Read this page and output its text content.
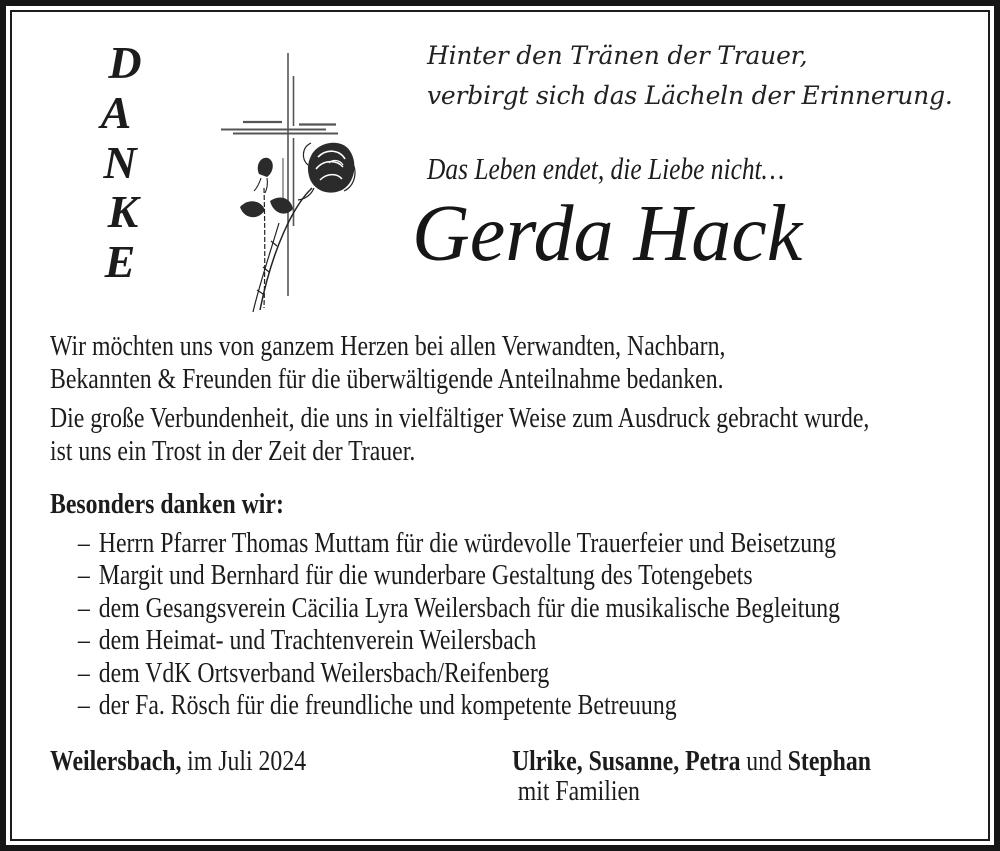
D
A
N
K
E
Hinter den Tränen der Trauer,
verbirgt sich das Lächeln der Erinnerung.
Das Leben endet, die Liebe nicht…
Gerda Hack

Wir möchten uns von ganzem Herzen bei allen Verwandten, Nachbarn,
Bekannten & Freunden für die überwältigende Anteilnahme bedanken.

Die große Verbundenheit, die uns in vielfältiger Weise zum Ausdruck gebracht wurde,
ist uns ein Trost in der Zeit der Trauer.

Besonders danken wir:

– Herrn Pfarrer Thomas Muttam für die würdevolle Trauerfeier und Beisetzung
– Margit und Bernhard für die wunderbare Gestaltung des Totengebets
– dem Gesangsverein Cäcilia Lyra Weilersbach für die musikalische Begleitung
– dem Heimat- und Trachtenverein Weilersbach
– dem VdK Ortsverband Weilersbach/Reifenberg
– der Fa. Rösch für die freundliche und kompetente Betreuung
Weilersbach, im Juli 2024	Ulrike, Susanne, Petra und Stephan
mit Familien
